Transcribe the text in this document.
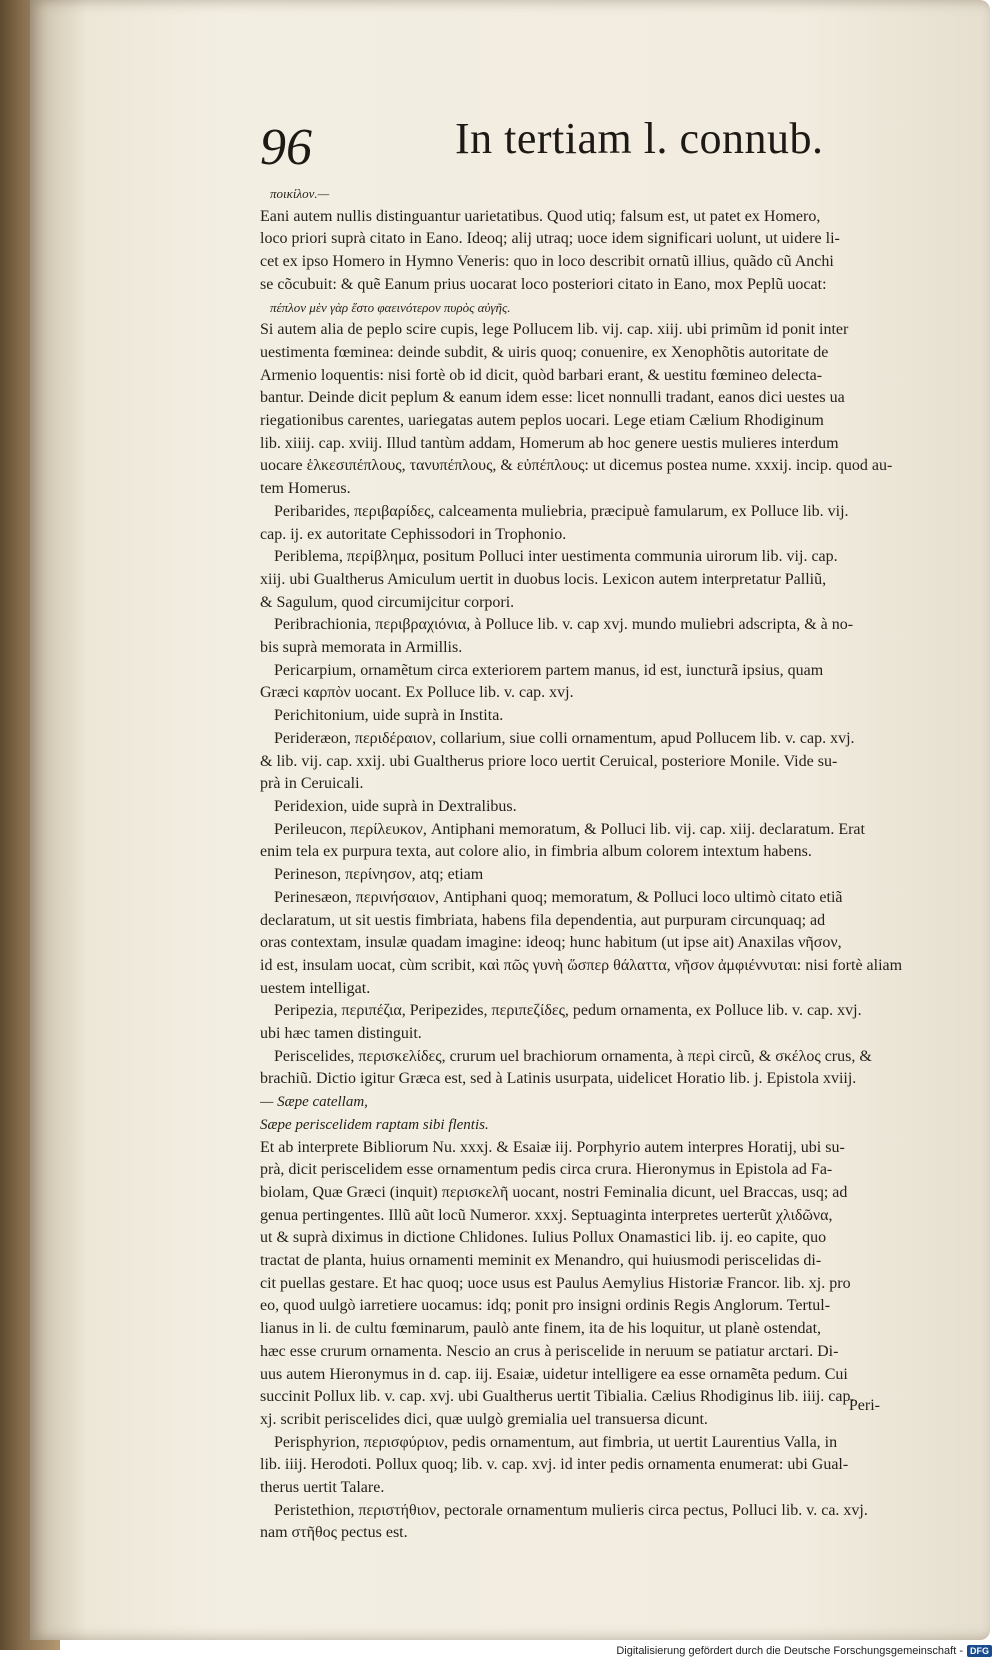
96	In tertiam l. connub.
ποικίλον.—
Eani autem nullis distinguantur uarietatibus. Quod utiq; falsum est, ut patet ex Homero,
loco priori suprà citato in Eano. Ideoq; alij utraq; uoce idem significari uolunt, ut uidere li-
cet ex ipso Homero in Hymno Veneris: quo in loco describit ornatũ illius, quãdo cũ Anchi
se cõcubuit: & quẽ Eanum prius uocarat loco posteriori citato in Eano, mox Peplũ uocat:
πέπλον μὲν γὰρ ἕστο φαεινότερον πυρὸς αὐγῆς.
Si autem alia de peplo scire cupis, lege Pollucem lib. vij. cap. xiij. ubi primũm id ponit inter
uestimenta fœminea: deinde subdit, & uiris quoq; conuenire, ex Xenophõtis autoritate de
Armenio loquentis: nisi fortè ob id dicit, quòd barbari erant, & uestitu fœmineo delecta-
bantur. Deinde dicit peplum & eanum idem esse: licet nonnulli tradant, eanos dici uestes ua
riegationibus carentes, uariegatas autem peplos uocari. Lege etiam Cælium Rhodiginum
lib. xiiij. cap. xviij. Illud tantùm addam, Homerum ab hoc genere uestis mulieres interdum
uocare ἑλκεσιπέπλους, τανυπέπλους, & εὐπέπλους: ut dicemus postea nume. xxxij. incip. quod au-
tem Homerus.
Peribarides, περιβαρίδες, calceamenta muliebria, præcipuè famularum, ex Polluce lib. vij.
cap. ij. ex autoritate Cephissodori in Trophonio.
Periblema, περίβλημα, positum Polluci inter uestimenta communia uirorum lib. vij. cap.
xiij. ubi Gualtherus Amiculum uertit in duobus locis. Lexicon autem interpretatur Palliũ,
& Sagulum, quod circumijcitur corpori.
Peribrachionia, περιβραχιόνια, à Polluce lib. v. cap xvj. mundo muliebri adscripta, & à no-
bis suprà memorata in Armillis.
Pericarpium, ornamẽtum circa exteriorem partem manus, id est, iuncturã ipsius, quam
Græci καρπὸν uocant. Ex Polluce lib. v. cap. xvj.
Perichitonium, uide suprà in Instita.
Perideræon, περιδέραιον, collarium, siue colli ornamentum, apud Pollucem lib. v. cap. xvj.
& lib. vij. cap. xxij. ubi Gualtherus priore loco uertit Ceruical, posteriore Monile. Vide su-
prà in Ceruicali.
Peridexion, uide suprà in Dextralibus.
Perileucon, περίλευκον, Antiphani memoratum, & Polluci lib. vij. cap. xiij. declaratum. Erat
enim tela ex purpura texta, aut colore alio, in fimbria album colorem intextum habens.
Perineson, περίνησον, atq; etiam
Perinesæon, περινήσαιον, Antiphani quoq; memoratum, & Polluci loco ultimò citato etiã
declaratum, ut sit uestis fimbriata, habens fila dependentia, aut purpuram circunquaq; ad
oras contextam, insulæ quadam imagine: ideoq; hunc habitum (ut ipse ait) Anaxilas νῆσον,
id est, insulam uocat, cùm scribit, καὶ πῶς γυνὴ ὥσπερ θάλαττα, νῆσον ἀμφιέννυται: nisi fortè aliam
uestem intelligat.
Peripezia, περιπέζια, Peripezides, περιπεζίδες, pedum ornamenta, ex Polluce lib. v. cap. xvj.
ubi hæc tamen distinguit.
Periscelides, περισκελίδες, crurum uel brachiorum ornamenta, à περὶ circũ, & σκέλος crus, &
brachiũ. Dictio igitur Græca est, sed à Latinis usurpata, uidelicet Horatio lib. j. Epistola xviij.
— Sæpe catellam,
Sæpe periscelidem raptam sibi flentis.
Et ab interprete Bibliorum Nu. xxxj. & Esaiæ iij. Porphyrio autem interpres Horatij, ubi su-
prà, dicit periscelidem esse ornamentum pedis circa crura. Hieronymus in Epistola ad Fa-
biolam, Quæ Græci (inquit) περισκελῆ uocant, nostri Feminalia dicunt, uel Braccas, usq; ad
genua pertingentes. Illũ aũt locũ Numeror. xxxj. Septuaginta interpretes uerterũt χλιδῶνα,
ut & suprà diximus in dictione Chlidones. Iulius Pollux Onamastici lib. ij. eo capite, quo
tractat de planta, huius ornamenti meminit ex Menandro, qui huiusmodi periscelidas di-
cit puellas gestare. Et hac quoq; uoce usus est Paulus Aemylius Historiæ Francor. lib. xj. pro
eo, quod uulgò iarretiere uocamus: idq; ponit pro insigni ordinis Regis Anglorum. Tertul-
lianus in li. de cultu fœminarum, paulò ante finem, ita de his loquitur, ut planè ostendat,
hæc esse crurum ornamenta. Nescio an crus à periscelide in neruum se patiatur arctari. Di-
uus autem Hieronymus in d. cap. iij. Esaiæ, uidetur intelligere ea esse ornamẽta pedum. Cui
succinit Pollux lib. v. cap. xvj. ubi Gualtherus uertit Tibialia. Cælius Rhodiginus lib. iiij. cap.
xj. scribit periscelides dici, quæ uulgò gremialia uel transuersa dicunt.
Perisphyrion, περισφύριον, pedis ornamentum, aut fimbria, ut uertit Laurentius Valla, in
lib. iiij. Herodoti. Pollux quoq; lib. v. cap. xvj. id inter pedis ornamenta enumerat: ubi Gual-
therus uertit Talare.
Peristethion, περιστήθιον, pectorale ornamentum mulieris circa pectus, Polluci lib. v. ca. xvj.
nam στῆθος pectus est.
Peri-
Digitalisierung gefördert durch die Deutsche Forschungsgemeinschaft - DFG
